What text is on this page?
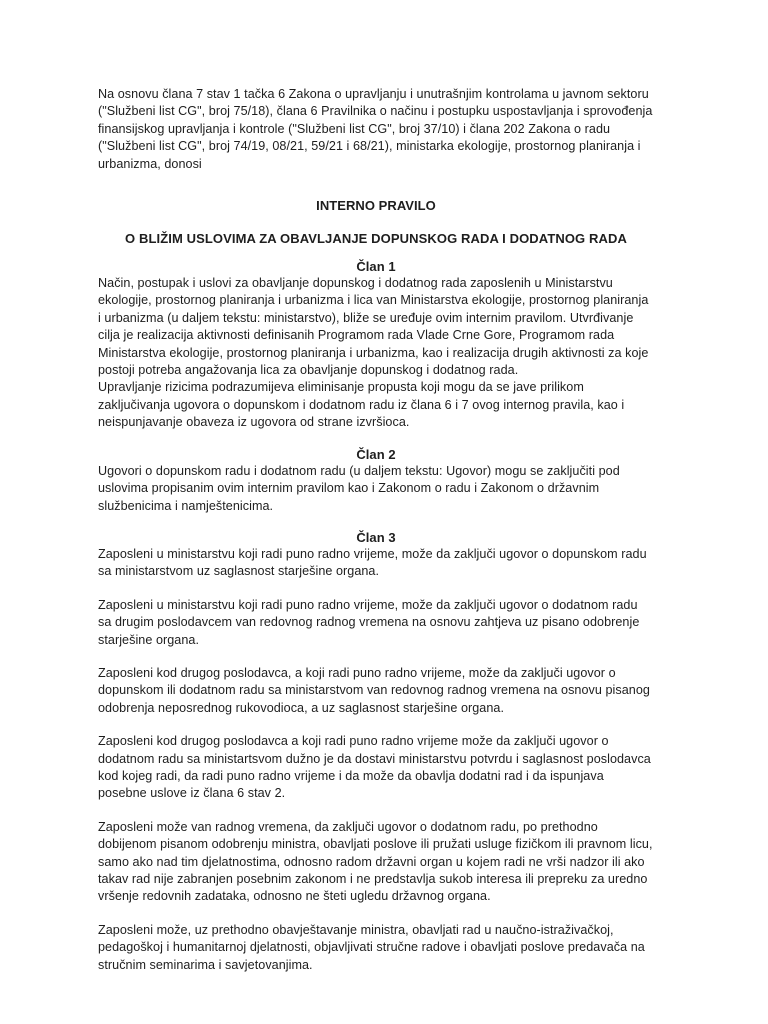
Na osnovu člana 7 stav 1 tačka 6 Zakona o upravljanju i unutrašnjim kontrolama u javnom sektoru ("Službeni list CG", broj 75/18), člana 6 Pravilnika o načinu i postupku uspostavljanja i sprovođenja finansijskog upravljanja i kontrole ("Službeni list CG", broj 37/10) i člana 202 Zakona o radu ("Službeni list CG", broj 74/19, 08/21, 59/21 i 68/21), ministarka ekologije, prostornog planiranja i urbanizma, donosi

INTERNO PRAVILO
O BLIŽIM USLOVIMA ZA OBAVLJANJE DOPUNSKOG RADA I DODATNOG RADA
Član 1

Način, postupak i uslovi za obavljanje dopunskog i dodatnog rada zaposlenih u Ministarstvu ekologije, prostornog planiranja i urbanizma i lica van Ministarstva ekologije, prostornog planiranja i urbanizma (u daljem tekstu: ministarstvo), bliže se uređuje ovim internim pravilom. Utvrđivanje cilja je realizacija aktivnosti definisanih Programom rada Vlade Crne Gore, Programom rada Ministarstva ekologije, prostornog planiranja i urbanizma, kao i realizacija drugih aktivnosti za koje postoji potreba angažovanja lica za obavljanje dopunskog i dodatnog rada.

Upravljanje rizicima podrazumijeva eliminisanje propusta koji mogu da se jave prilikom zaključivanja ugovora o dopunskom i dodatnom radu iz člana 6 i 7 ovog internog pravila, kao i neispunjavanje obaveza iz ugovora od strane izvršioca.

Član 2

Ugovori o dopunskom radu i dodatnom radu (u daljem tekstu: Ugovor) mogu se zaključiti pod uslovima propisanim ovim internim pravilom kao i Zakonom o radu i Zakonom o državnim službenicima i namještenicima.

Član 3

Zaposleni u ministarstvu koji radi puno radno vrijeme, može da zaključi ugovor o dopunskom radu sa ministarstvom uz saglasnost starješine organa.

Zaposleni u ministarstvu koji radi puno radno vrijeme, može da zaključi ugovor o dodatnom radu sa drugim poslodavcem van redovnog radnog vremena na osnovu zahtjeva uz pisano odobrenje starješine organa.

Zaposleni kod drugog poslodavca, a koji radi puno radno vrijeme, može da zaključi ugovor o dopunskom ili dodatnom radu sa ministarstvom van redovnog radnog vremena na osnovu pisanog odobrenja neposrednog rukovodioca, a uz saglasnost starješine organa.

Zaposleni kod drugog poslodavca a koji radi puno radno vrijeme može da zaključi ugovor o dodatnom radu sa ministartsvom dužno je da dostavi ministarstvu potvrdu i saglasnost poslodavca kod kojeg radi, da radi puno radno vrijeme i da može da obavlja dodatni rad i da ispunjava posebne uslove iz člana 6 stav 2.

Zaposleni može van radnog vremena, da zaključi ugovor o dodatnom radu, po prethodno dobijenom pisanom odobrenju ministra, obavljati poslove ili pružati usluge fizičkom ili pravnom licu, samo ako nad tim djelatnostima, odnosno radom državni organ u kojem radi ne vrši nadzor ili ako takav rad nije zabranjen posebnim zakonom i ne predstavlja sukob interesa ili prepreku za uredno vršenje redovnih zadataka, odnosno ne šteti ugledu državnog organa.

Zaposleni može, uz prethodno obavještavanje ministra, obavljati rad u naučno-istraživačkoj, pedagoškoj i humanitarnoj djelatnosti, objavljivati stručne radove i obavljati poslove predavača na stručnim seminarima i savjetovanjima.
